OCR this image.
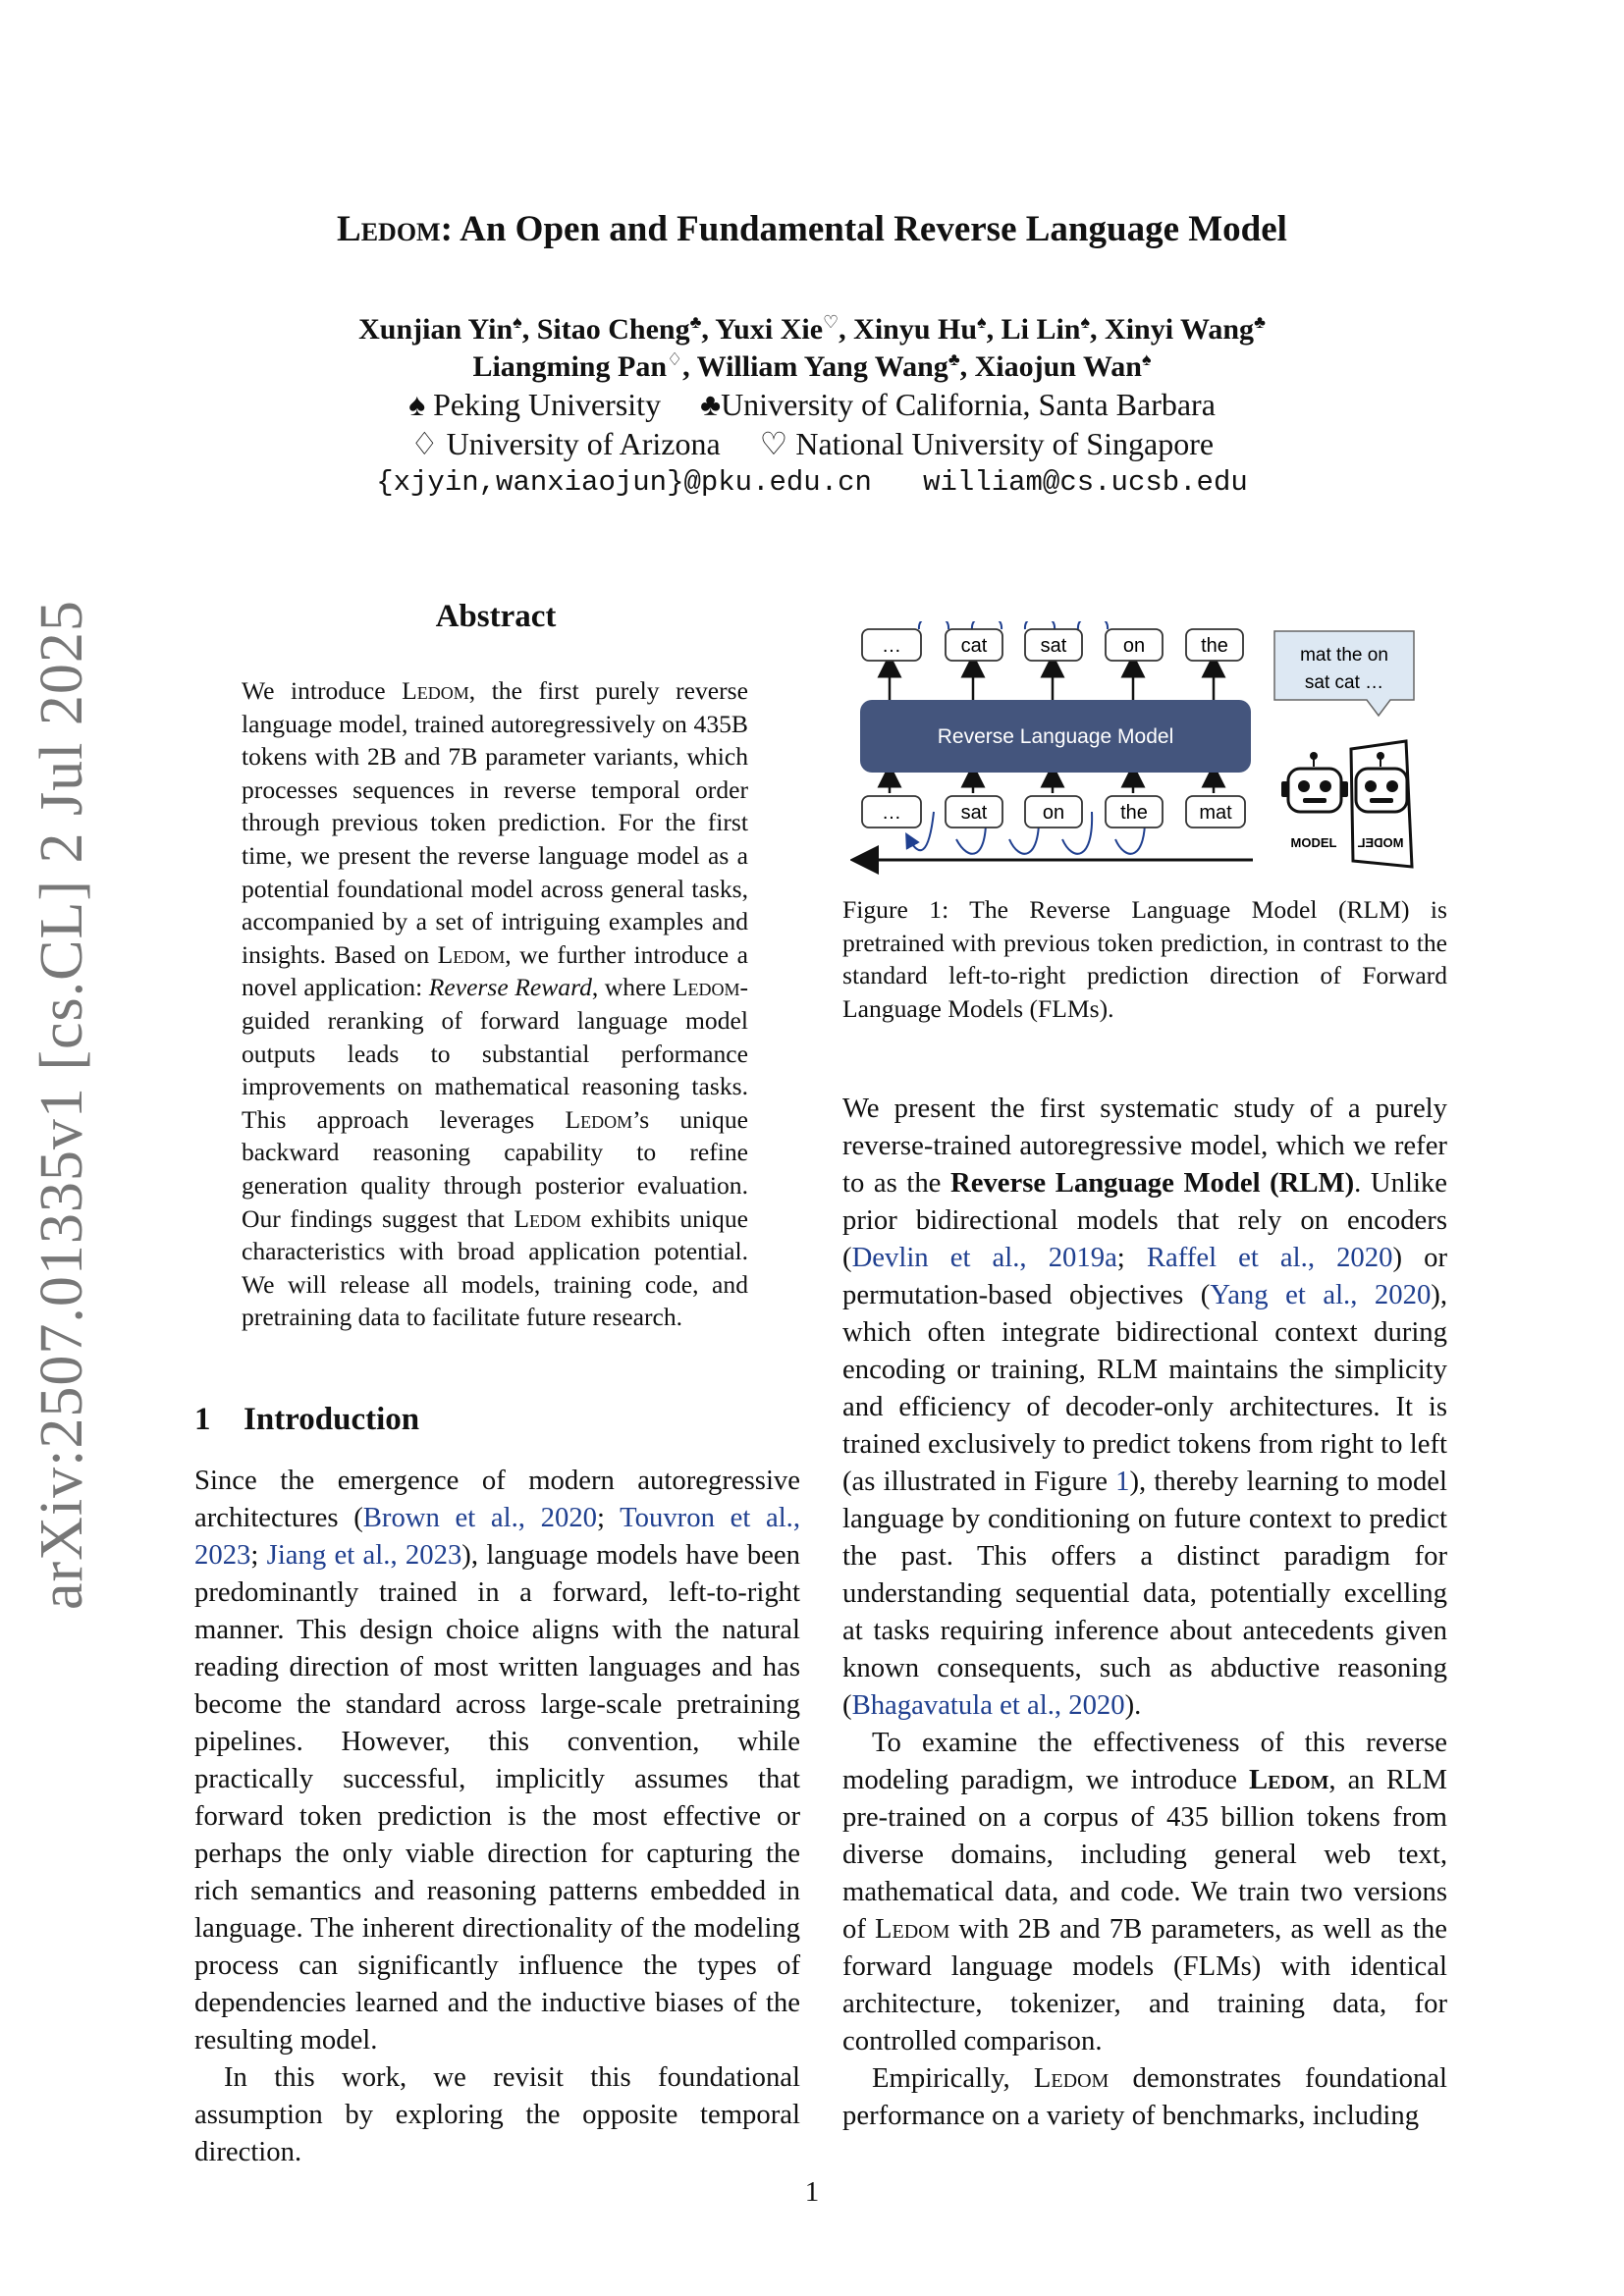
Ledom: An Open and Fundamental Reverse Language Model
Xunjian Yin♠, Sitao Cheng♣, Yuxi Xie♡, Xinyu Hu♠, Li Lin♠, Xinyi Wang♣
Liangming Pan♢, William Yang Wang♣, Xiaojun Wan♠
♠ Peking University     ♣University of California, Santa Barbara
♢ University of Arizona     ♡ National University of Singapore
{xjyin,wanxiaojun}@pku.edu.cn   william@cs.ucsb.edu
arXiv:2507.01335v1 [cs.CL] 2 Jul 2025	Abstract
We introduce Ledom, the first purely reverse language model, trained autoregressively on 435B tokens with 2B and 7B parameter variants, which processes sequences in reverse temporal order through previous token prediction. For the first time, we present the reverse language model as a potential foundational model across general tasks, accompanied by a set of intriguing examples and insights. Based on Ledom, we further introduce a novel application: Reverse Reward, where Ledom-guided reranking of forward language model outputs leads to substantial performance improvements on mathematical reasoning tasks. This approach leverages Ledom’s unique backward reasoning capability to refine generation quality through posterior evaluation. Our findings suggest that Ledom exhibits unique characteristics with broad application potential. We will release all models, training code, and pretraining data to facilitate future research.
1 Introduction

Since the emergence of modern autoregressive architectures (Brown et al., 2020; Touvron et al., 2023; Jiang et al., 2023), language models have been predominantly trained in a forward, left-to-right manner. This design choice aligns with the natural reading direction of most written languages and has become the standard across large-scale pretraining pipelines. However, this convention, while practically successful, implicitly assumes that forward token prediction is the most effective or perhaps the only viable direction for capturing the rich semantics and reasoning patterns embedded in language. The inherent directionality of the modeling process can significantly influence the types of dependencies learned and the inductive biases of the resulting model.

In this work, we revisit this foundational assumption by exploring the opposite temporal direction.

…	cat	sat	on	the
Reverse Language Model
…	sat	on	the	mat
mat the on
sat cat …
MODEL MODEL
Figure 1: The Reverse Language Model (RLM) is pretrained with previous token prediction, in contrast to the standard left-to-right prediction direction of Forward Language Models (FLMs).

We present the first systematic study of a purely reverse-trained autoregressive model, which we refer to as the Reverse Language Model (RLM). Unlike prior bidirectional models that rely on encoders (Devlin et al., 2019a; Raffel et al., 2020) or permutation-based objectives (Yang et al., 2020), which often integrate bidirectional context during encoding or training, RLM maintains the simplicity and efficiency of decoder-only architectures. It is trained exclusively to predict tokens from right to left (as illustrated in Figure 1), thereby learning to model language by conditioning on future context to predict the past. This offers a distinct paradigm for understanding sequential data, potentially excelling at tasks requiring inference about antecedents given known consequents, such as abductive reasoning (Bhagavatula et al., 2020).

To examine the effectiveness of this reverse modeling paradigm, we introduce Ledom, an RLM pre-trained on a corpus of 435 billion tokens from diverse domains, including general web text, mathematical data, and code. We train two versions of Ledom with 2B and 7B parameters, as well as the forward language models (FLMs) with identical architecture, tokenizer, and training data, for controlled comparison.

Empirically, Ledom demonstrates foundational performance on a variety of benchmarks, including

1
